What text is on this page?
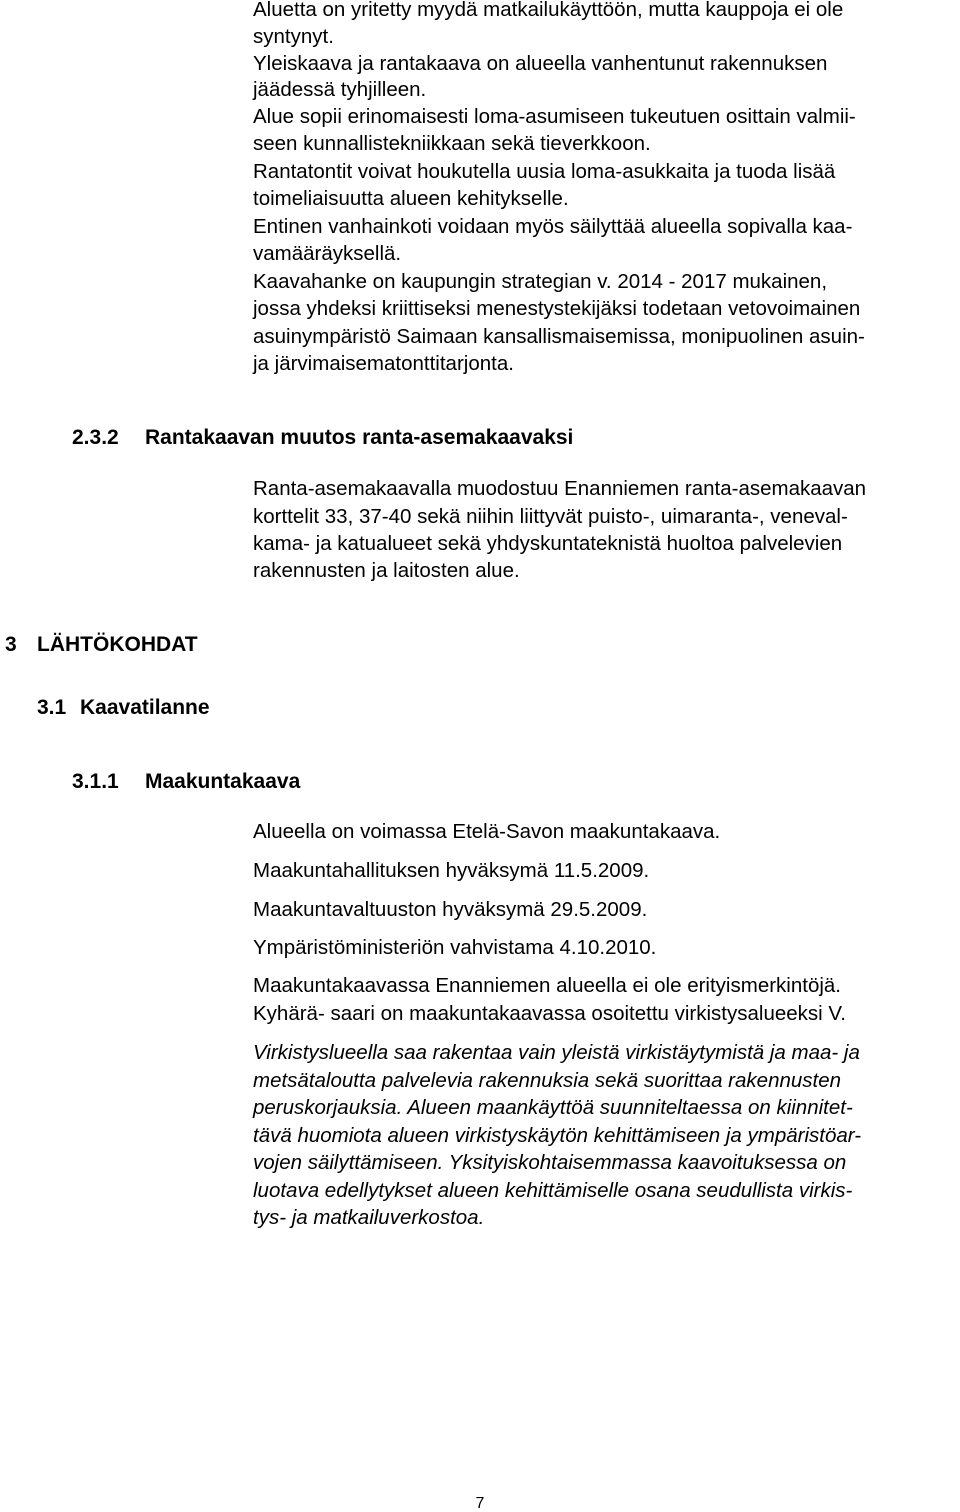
Aluetta on yritetty myydä matkailukäyttöön, mutta kauppoja ei ole
syntynyt.
Yleiskaava ja rantakaava on alueella vanhentunut rakennuksen
jäädessä tyhjilleen.
Alue sopii erinomaisesti loma-asumiseen tukeutuen osittain valmii-
seen kunnallistekniikkaan sekä tieverkkoon.
Rantatontit voivat houkutella uusia loma-asukkaita ja tuoda lisää
toimeliaisuutta alueen kehitykselle.
Entinen vanhainkoti voidaan myös säilyttää alueella sopivalla kaa-
vamääräyksellä.
Kaavahanke on kaupungin strategian v. 2014 - 2017 mukainen,
jossa yhdeksi kriittiseksi menestystekijäksi todetaan vetovoimainen
asuinympäristö Saimaan kansallismaisemissa, monipuolinen asuin-
ja järvimaisematonttitarjonta.
2.3.2 Rantakaavan muutos ranta-asemakaavaksi
Ranta-asemakaavalla muodostuu Enanniemen ranta-asemakaavan
korttelit 33, 37-40 sekä niihin liittyvät puisto-, uimaranta-, veneval-
kama- ja katualueet sekä yhdyskuntateknistä huoltoa palvelevien
rakennusten ja laitosten alue.
3 LÄHTÖKOHDAT
3.1 Kaavatilanne
3.1.1 Maakuntakaava
Alueella on voimassa Etelä-Savon maakuntakaava.
Maakuntahallituksen hyväksymä 11.5.2009.
Maakuntavaltuuston hyväksymä 29.5.2009.
Ympäristöministeriön vahvistama 4.10.2010.
Maakuntakaavassa Enanniemen alueella ei ole erityismerkintöjä.
Kyhärä- saari on maakuntakaavassa osoitettu virkistysalueeksi V.
Virkistyslueella saa rakentaa vain yleistä virkistäytymistä ja maa- ja
metsätaloutta palvelevia rakennuksia sekä suorittaa rakennusten
peruskorjauksia. Alueen maankäyttöä suunniteltaessa on kiinnitet-
tävä huomiota alueen virkistyskäytön kehittämiseen ja ympäristöar-
vojen säilyttämiseen. Yksityiskohtaisemmassa kaavoituksessa on
luotava edellytykset alueen kehittämiselle osana seudullista virkis-
tys- ja matkailuverkostoa.
7
